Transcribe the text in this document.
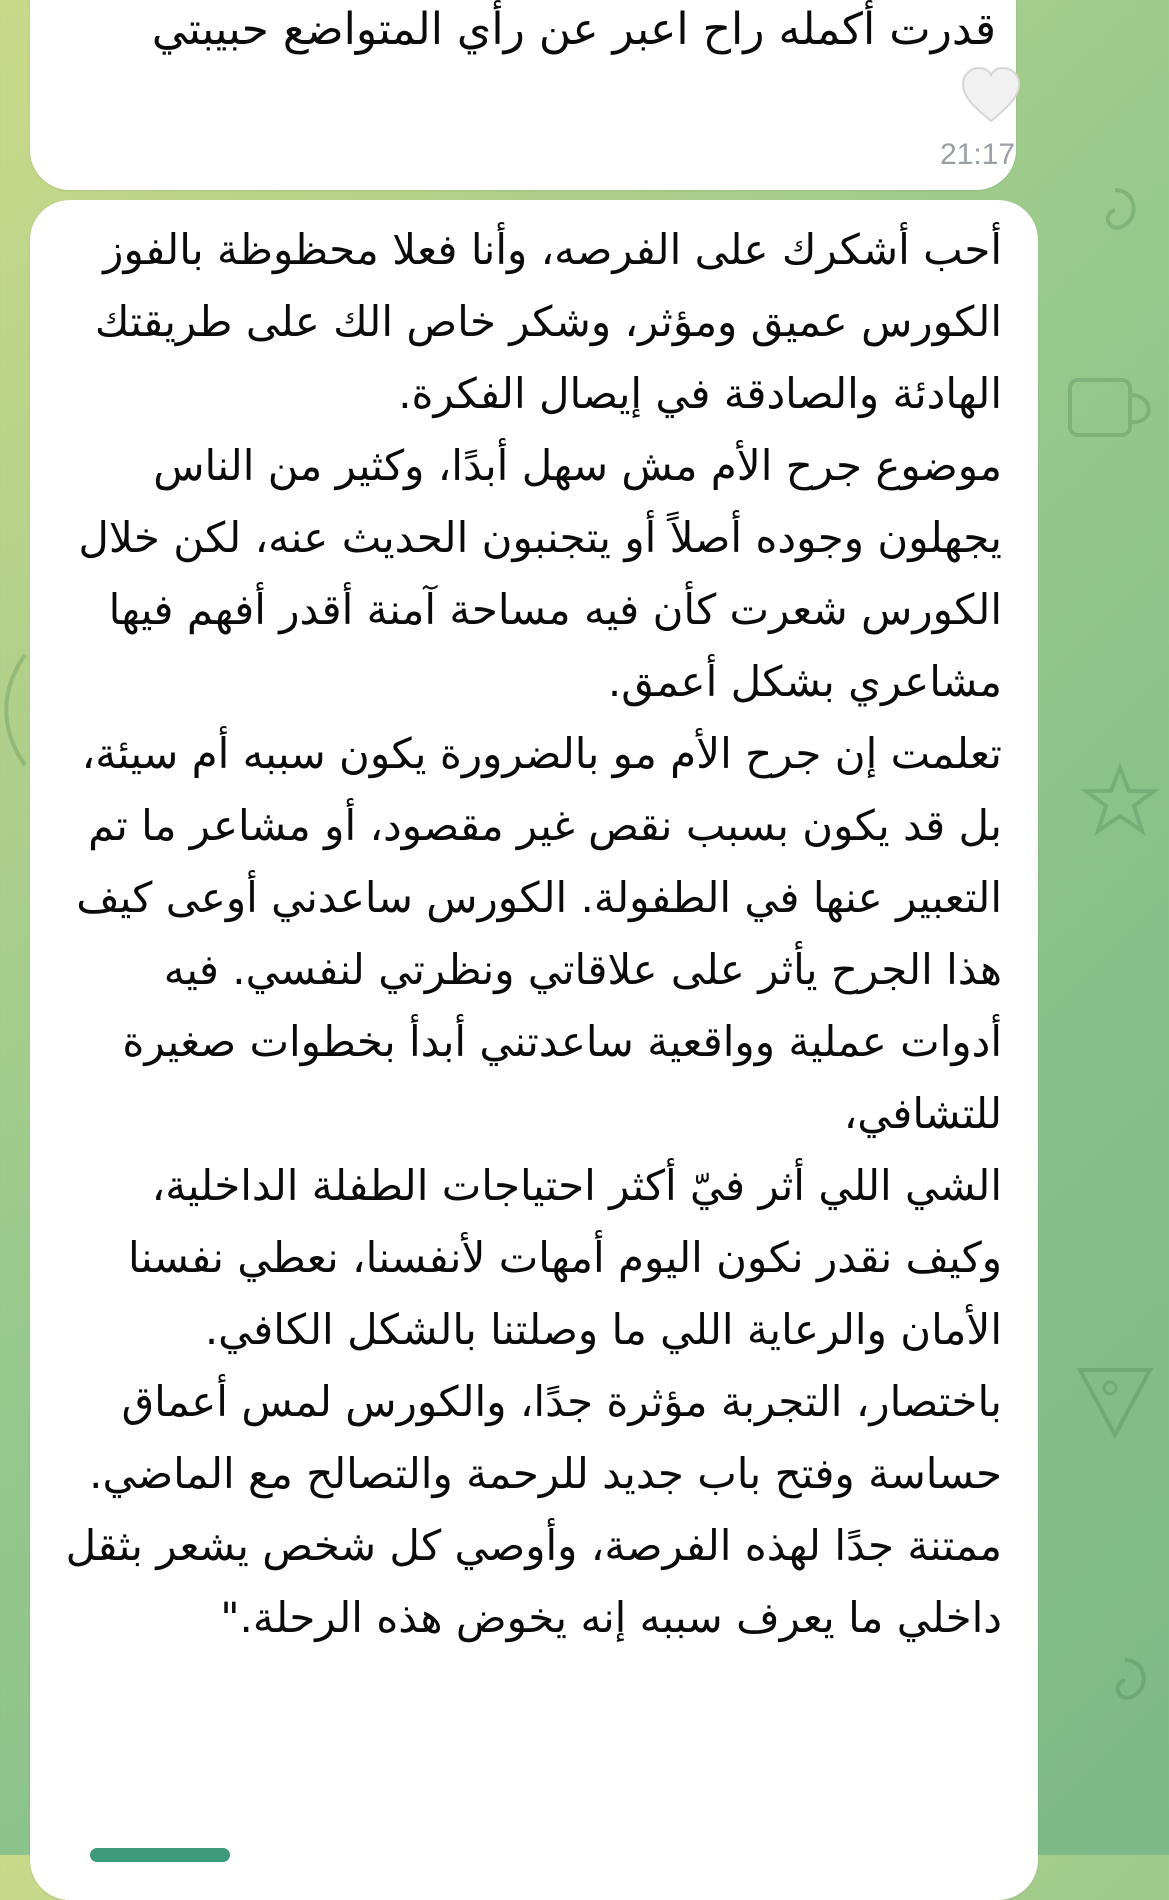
قدرت أكمله راح اعبر عن رأي المتواضع حبيبتي

21:17

أحب أشكرك على الفرصه، وأنا فعلا محظوظة بالفوز
الكورس عميق ومؤثر، وشكر خاص الك على طريقتك الهادئة والصادقة في إيصال الفكرة.
موضوع جرح الأم مش سهل أبدًا، وكثير من الناس يجهلون وجوده أصلاً أو يتجنبون الحديث عنه، لكن خلال الكورس شعرت كأن فيه مساحة آمنة أقدر أفهم فيها مشاعري بشكل أعمق.
تعلمت إن جرح الأم مو بالضرورة يكون سببه أم سيئة، بل قد يكون بسبب نقص غير مقصود، أو مشاعر ما تم التعبير عنها في الطفولة. الكورس ساعدني أوعى كيف هذا الجرح يأثر على علاقاتي ونظرتي لنفسي. فيه أدوات عملية وواقعية ساعدتني أبدأ بخطوات صغيرة للتشافي،
الشي اللي أثر فيّ أكثر احتياجات الطفلة الداخلية، وكيف نقدر نكون اليوم أمهات لأنفسنا، نعطي نفسنا الأمان والرعاية اللي ما وصلتنا بالشكل الكافي.
باختصار، التجربة مؤثرة جدًا، والكورس لمس أعماق حساسة وفتح باب جديد للرحمة والتصالح مع الماضي. ممتنة جدًا لهذه الفرصة، وأوصي كل شخص يشعر بثقل داخلي ما يعرف سببه إنه يخوض هذه الرحلة."
